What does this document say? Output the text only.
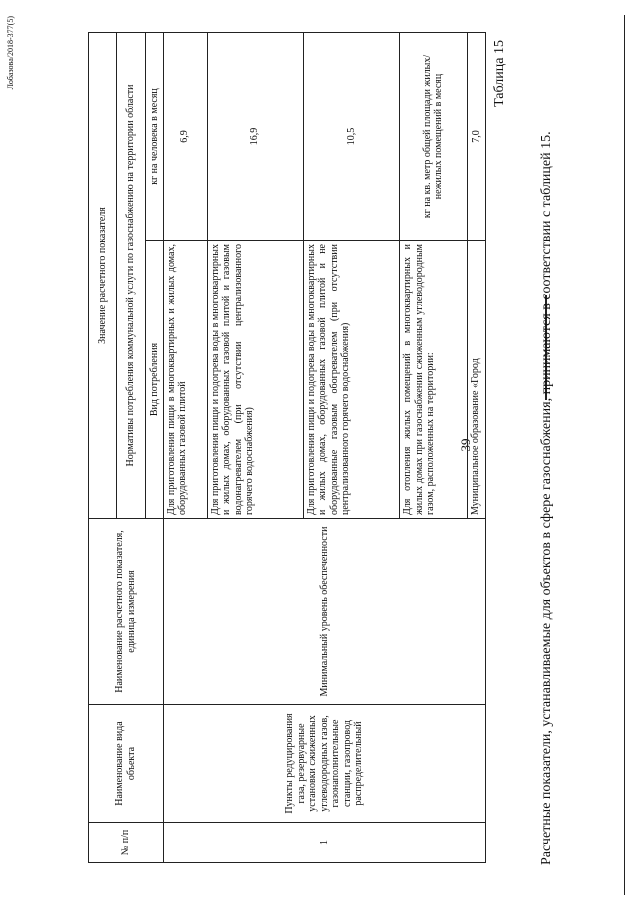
Лобазова/2018-377(5)
39
Таблица 15
Расчетные показатели, устанавливаемые для объектов в сфере газоснабжения, принимаются в соответствии с таблицей 15.
№ п/п	Наименование вида объекта	Наименование расчетного показателя, единица измерения	Значение расчетного показателя	
			Нормативы потребления коммунальной услуги по газоснабжению на территории области	
			Вид потребления	кг на человека в месяц
1	Пункты редуцирования газа, резервуарные установки сжиженных углеводородных газов, газонаполнительные станции, газопровод распределительный	Минимальный уровень обеспеченности	Для приготовления пищи в многоквартирных и жилых домах, оборудованных газовой плитой	6,9
			Для приготовления пищи и подогрева воды в многоквартирных и жилых домах, оборудованных газовой плитой и газовым водонагревателем (при отсутствии централизованного горячего водоснабжения)	16,9
			Для приготовления пищи и подогрева воды в многоквартирных и жилых домах, оборудованных газовой плитой и не оборудованные газовым обогревателем (при отсутствии централизованного горячего водоснабжения)	10,5
			Для отопления жилых помещений в многоквартирных и жилых домах при газоснабжении сжиженным углеводородным газом, расположенных на территории:	кг на кв. метр общей площади жилых/нежилых помещений в месяц
			Муниципальное образование «Город	7,0
